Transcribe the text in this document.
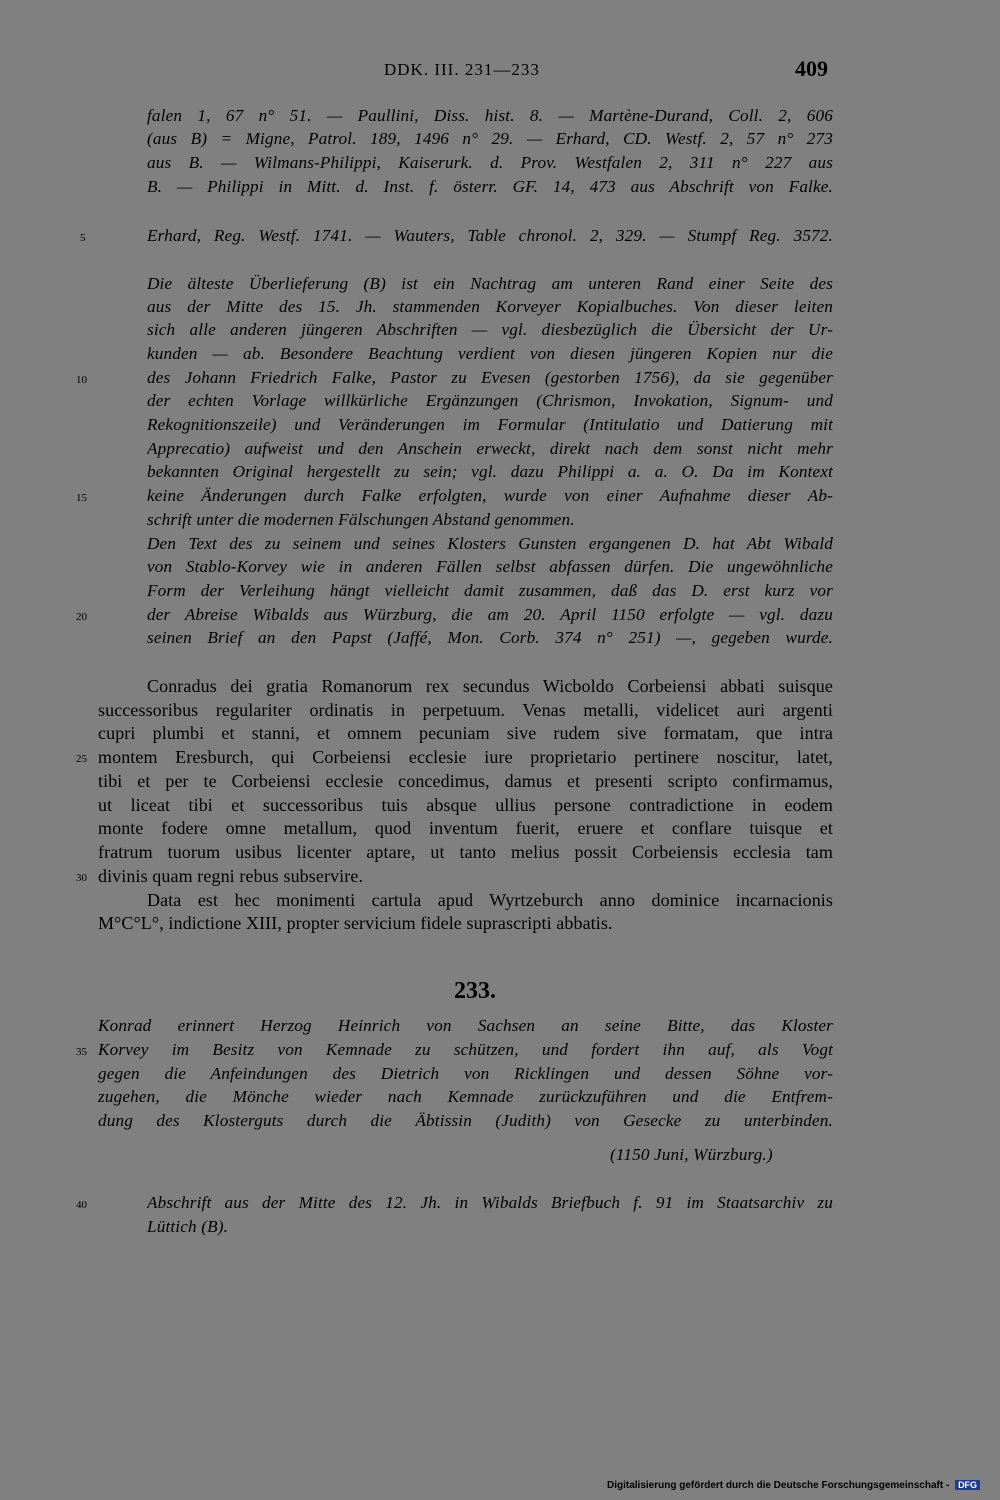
DDK. III. 231—233	409
falen 1, 67 n° 51. — Paullini, Diss. hist. 8. — Martène-Durand, Coll. 2, 606
(aus B) = Migne, Patrol. 189, 1496 n° 29. — Erhard, CD. Westf. 2, 57 n° 273
aus B. — Wilmans-Philippi, Kaiserurk. d. Prov. Westfalen 2, 311 n° 227 aus
B. — Philippi in Mitt. d. Inst. f. österr. GF. 14, 473 aus Abschrift von Falke.
Erhard, Reg. Westf. 1741. — Wauters, Table chronol. 2, 329. — Stumpf Reg. 3572.
5
Die älteste Überlieferung (B) ist ein Nachtrag am unteren Rand einer Seite des
aus der Mitte des 15. Jh. stammenden Korveyer Kopialbuches. Von dieser leiten
sich alle anderen jüngeren Abschriften — vgl. diesbezüglich die Übersicht der Ur-
kunden — ab. Besondere Beachtung verdient von diesen jüngeren Kopien nur die
des Johann Friedrich Falke, Pastor zu Evesen (gestorben 1756), da sie gegenüber
10
der echten Vorlage willkürliche Ergänzungen (Chrismon, Invokation, Signum- und
Rekognitionszeile) und Veränderungen im Formular (Intitulatio und Datierung mit
Apprecatio) aufweist und den Anschein erweckt, direkt nach dem sonst nicht mehr
bekannten Original hergestellt zu sein; vgl. dazu Philippi a. a. O. Da im Kontext
keine Änderungen durch Falke erfolgten, wurde von einer Aufnahme dieser Ab-
15
schrift unter die modernen Fälschungen Abstand genommen.
Den Text des zu seinem und seines Klosters Gunsten ergangenen D. hat Abt Wibald
von Stablo-Korvey wie in anderen Fällen selbst abfassen dürfen. Die ungewöhnliche
Form der Verleihung hängt vielleicht damit zusammen, daß das D. erst kurz vor
der Abreise Wibalds aus Würzburg, die am 20. April 1150 erfolgte — vgl. dazu
20
seinen Brief an den Papst (Jaffé, Mon. Corb. 374 n° 251) —, gegeben wurde.
Conradus dei gratia Romanorum rex secundus Wicboldo Corbeiensi abbati suisque
successoribus regulariter ordinatis in perpetuum. Venas metalli, videlicet auri argenti
cupri plumbi et stanni, et omnem pecuniam sive rudem sive formatam, que intra
montem Eresburch, qui Corbeiensi ecclesie iure proprietario pertinere noscitur, latet,
25
tibi et per te Corbeiensi ecclesie concedimus, damus et presenti scripto confirmamus,
ut liceat tibi et successoribus tuis absque ullius persone contradictione in eodem
monte fodere omne metallum, quod inventum fuerit, eruere et conflare tuisque et
fratrum tuorum usibus licenter aptare, ut tanto melius possit Corbeiensis ecclesia tam
divinis quam regni rebus subservire.
30
Data est hec monimenti cartula apud Wyrtzeburch anno dominice incarnacionis
M°C°L°, indictione XIII, propter servicium fidele suprascripti abbatis.
Konrad erinnert Herzog Heinrich von Sachsen an seine Bitte, das Kloster
Korvey im Besitz von Kemnade zu schützen, und fordert ihn auf, als Vogt
35
gegen die Anfeindungen des Dietrich von Ricklingen und dessen Söhne vor-
zugehen, die Mönche wieder nach Kemnade zurückzuführen und die Entfrem-
dung des Klosterguts durch die Äbtissin (Judith) von Gesecke zu unterbinden.
(1150 Juni, Würzburg.)
Abschrift aus der Mitte des 12. Jh. in Wibalds Briefbuch f. 91 im Staatsarchiv zu
40
Lüttich (B).
233.
Digitalisierung gefördert durch die Deutsche Forschungsgemeinschaft - DFG
